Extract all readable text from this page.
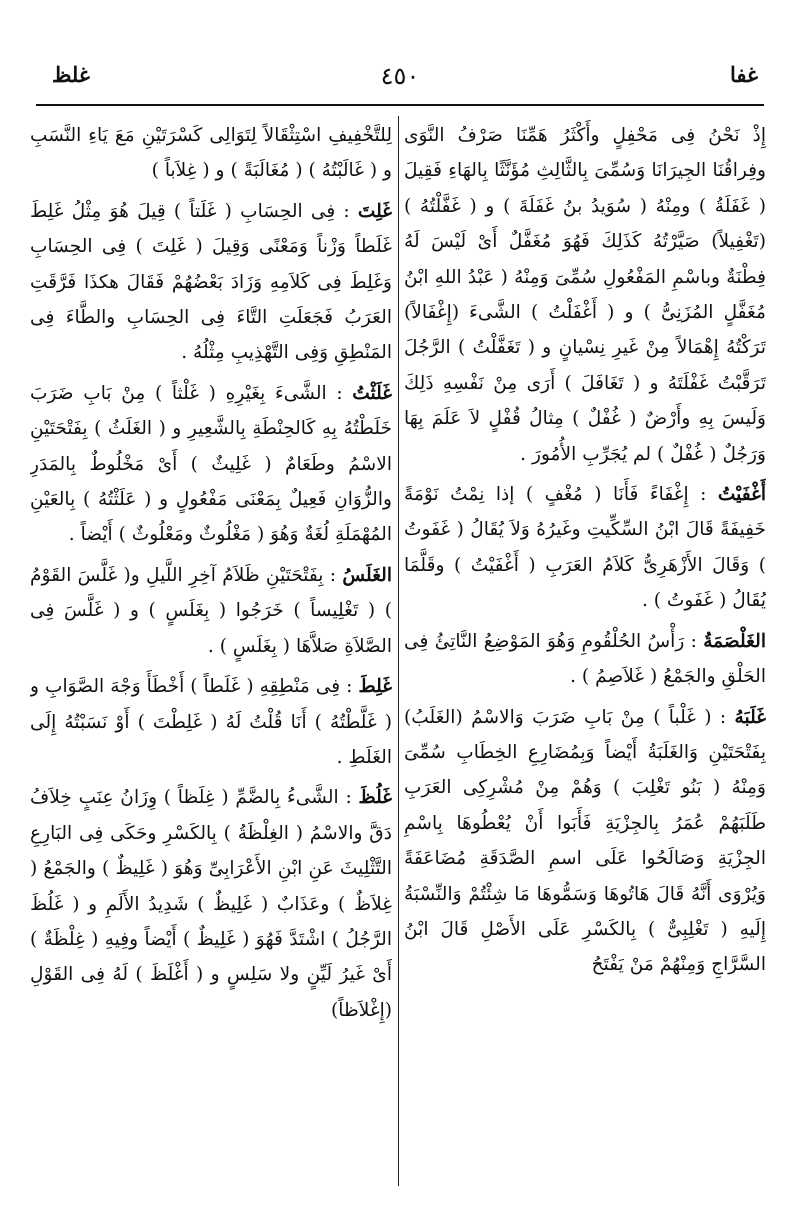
غلظ	٤٥٠	غفا

إِذْ نَحْنُ فِى مَحْفِلٍ وأَكْثَرُ هَمِّنَا صَرْفُ النَّوَى وفِراقُنَا الجِيرَانَا وَسُمِّىَ بِالثَّالِثِ مُؤَنَّثًا بِالهَاءِ فَقِيلَ ( غَفَلَةُ ) ومِنْهُ ( سُوَيدُ بنُ غَفَلَةَ ) و ( غَفَّلْتُهُ ) (تَغْفِيلاً) صَيَّرْتُهُ كَذَلِكَ فَهُوَ مُغَفَّلٌ أَىْ لَيْسَ لَهُ فِطْنَةٌ وباسْمِ المَفْعُولِ سُمِّىَ وَمِنْهُ ( عَبْدُ اللهِ ابْنُ مُغَفَّلٍ المُزَنِىُّ ) و ( أَغْفَلْتُ ) الشَّىءَ (إِغْفَالاً) تَرَكْتُهُ إِهْمَالاً مِنْ غَيرِ نِسْيانٍ و ( تَغَفَّلْتُ ) الرَّجُلَ تَرَقَّبْتُ غَفْلَتَهُ و ( تَغَافَلَ ) أَرَى مِنْ نَفْسِهِ ذَلِكَ وَلَيسَ بِهِ وأَرْضٌ ( غُفْلٌ ) مِثالُ قُفْلٍ لاَ عَلَمَ بِهَا وَرَجُلٌ ( غُفْلٌ ) لم يُجَرِّبِ الأُمُورَ .

أَغْفَيْتُ : إِغْفَاءً فَأَنَا ( مُغْفٍ ) إذا نِمْتُ نَوْمَةً خَفِيفَةً قَالَ ابْنُ السِّكِّيتِ وغَيرُهُ وَلاَ يُقَالُ ( غَفَوتُ ) وَقَالَ الأَزْهَرِىُّ كَلاَمُ العَرَبِ ( أَغْفَيْتُ ) وقَلَّمَا يُقَالُ ( غَفَوتُ ) .

الغَلْصَمَةُ : رَأْسُ الحُلْقُومِ وَهُوَ المَوْضِعُ النَّاتِئُ فِى الحَلْقِ والجَمْعُ ( غَلاَصِمُ ) .

غَلَبَهُ : ( غَلْباً ) مِنْ بَابِ ضَرَبَ وَالاسْمُ (الغَلَبُ) بِفَتْحَتَيْنِ وَالغَلَبَةُ أَيْضاً وَبِمُضَارِعِ الخِطَابِ سُمِّىَ وَمِنْهُ ( بَنُو تَغْلِبَ ) وَهُمْ مِنْ مُشْرِكِى العَرَبِ طَلَبَهُمْ عُمَرُ بِالجِزْيَةِ فَأَبَوا أَنْ يُعْطُوهَا بِاسْمِ الجِزْيَةِ وَصَالَحُوا عَلَى اسمِ الصَّدَقَةِ مُضَاعَفَةً وَيُرْوَى أَنَّهُ قَالَ هَاتُوهَا وَسَمُّوهَا مَا شِئْتُمْ وَالنِّسْبَةُ إِلَيهِ ( تَغْلِبِىٌّ ) بِالكَسْرِ عَلَى الأَصْلِ قَالَ ابْنُ السَّرَّاجِ وَمِنْهُمْ مَنْ يَفْتَحُ

لِلتَّخْفِيفِ اسْتِثْقَالاً لِتَوَالِى كَسْرَتَيْنِ مَعَ يَاءِ النَّسَبِ و ( غَالَبْتُهُ ) ( مُغَالَبَةً ) و ( غِلاَباً )

غَلِتَ : فِى الحِسَابِ ( غَلَتاً ) قِيلَ هُوَ مِثْلُ غَلِطَ غَلَطاً وَزْناً وَمَعْنًى وَقِيلَ ( غَلِتَ ) فِى الحِسَابِ وَغَلِطَ فِى كَلاَمِهِ وَزَادَ بَعْضُهُمْ فَقَالَ هكذَا فَرَّقَتِ العَرَبُ فَجَعَلَتِ التَّاءَ فِى الحِسَابِ والطَّاءَ فِى المَنْطِقِ وَفِى التَّهْذِيبِ مِثْلُهُ .

غَلَثْتُ : الشَّىءَ بِغَيْرِهِ ( غَلْثاً ) مِنْ بَابِ ضَرَبَ خَلَطْتُهُ بِهِ كَالحِنْطَةِ بِالشَّعِيرِ و ( الغَلَثُ ) بِفَتْحَتَيْنِ الاسْمُ وطَعَامٌ ( غَلِيثٌ ) أَىْ مَخْلُوطٌ بِالمَدَرِ والزُّوَانِ فَعِيلٌ بِمَعْنَى مَفْعُولٍ و ( عَلَثْتُهُ ) بِالعَيْنِ المُهْمَلَةِ لُغَةٌ وَهُوَ ( مَغْلُوثٌ ومَعْلُوثٌ ) أَيْضاً .

الغَلَسُ : بِفَتْحَتَيْنِ ظَلاَمُ آخِرِ اللَّيلِ و( غَلَّسَ القَوْمُ ) ( تَغْلِيساً ) خَرَجُوا ( بِغَلَسٍ ) و ( غَلَّسَ فِى الصَّلاَةِ صَلاَّهَا ( بِغَلَسٍ ) .

غَلِطَ : فِى مَنْطِقِهِ ( غَلَطاً ) أَخْطَأَ وَجْهَ الصَّوَابِ و ( غَلَّطْتُهُ ) أَنَا قُلْتُ لَهُ ( غَلِطْتَ ) أَوْ نَسَبْتُهُ إِلَى الغَلَطِ .

غَلُظَ : الشَّىءُ بِالضَّمِّ ( غِلَظاً ) وِزَانُ عِنَبٍ خِلاَفُ دَقَّ والاسْمُ ( الغِلْظَةُ ) بِالكَسْرِ وحَكَى فِى البَارِعِ التَّثْلِيثَ عَنِ ابْنِ الأَعْرَابِىِّ وَهُوَ ( غَلِيظٌ ) والجَمْعُ ( غِلاَظٌ ) وعَذَابٌ ( غَلِيظٌ ) شَدِيدُ الأَلَمِ و ( غَلُظَ الرَّجُلُ ) اشْتَدَّ فَهُوَ ( غَلِيظٌ ) أَيْضاً وفِيهِ ( غِلْظَةٌ ) أَىْ غَيرُ لَيِّنٍ ولا سَلِسٍ و ( أَغْلَظَ ) لَهُ فِى القَوْلِ (إِغْلاَظاً)
